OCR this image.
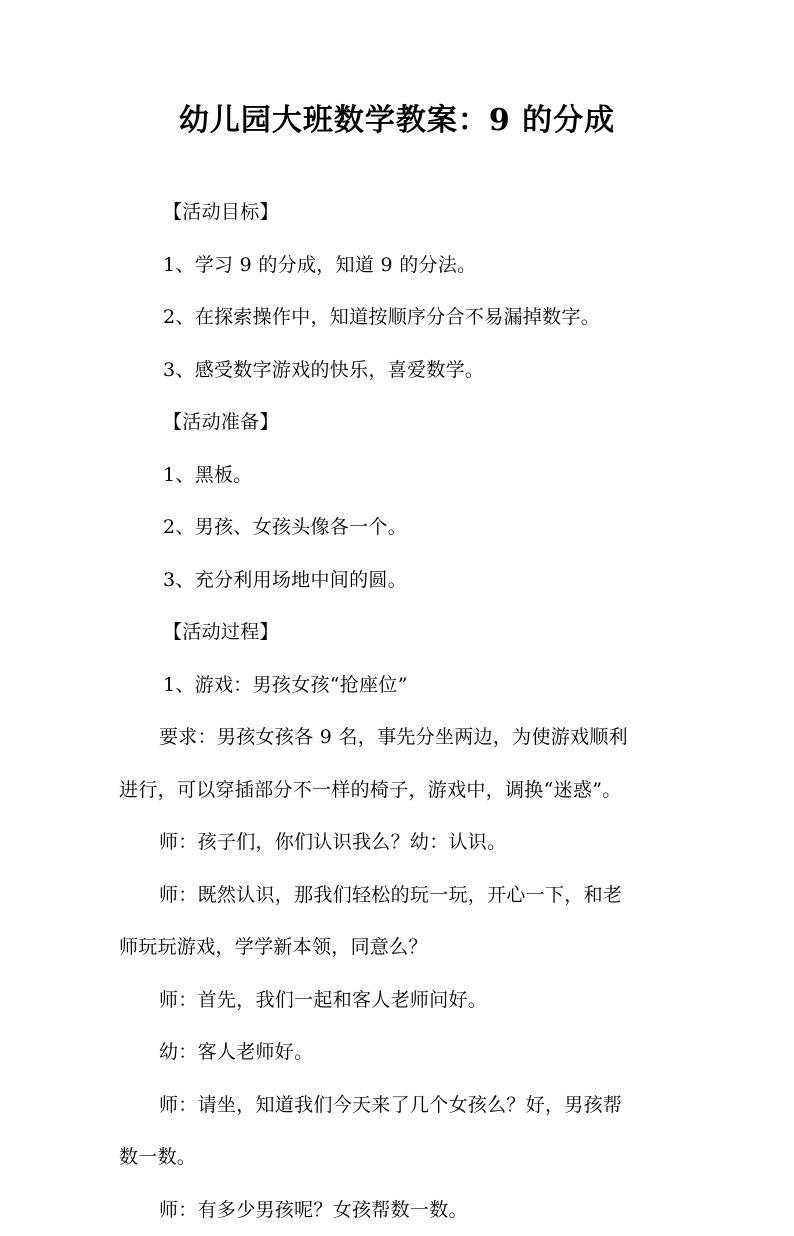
幼儿园大班数学教案：9 的分成
【活动目标】
1、学习 9 的分成，知道 9 的分法。
2、在探索操作中，知道按顺序分合不易漏掉数字。
3、感受数字游戏的快乐，喜爱数学。
【活动准备】
1、黑板。
2、男孩、女孩头像各一个。
3、充分利用场地中间的圆。
【活动过程】
1、游戏：男孩女孩“抢座位”
要求：男孩女孩各 9 名，事先分坐两边，为使游戏顺利
进行，可以穿插部分不一样的椅子，游戏中，调换“迷惑”。
师：孩子们，你们认识我么？幼：认识。
师：既然认识，那我们轻松的玩一玩，开心一下，和老
师玩玩游戏，学学新本领，同意么？
师：首先，我们一起和客人老师问好。
幼：客人老师好。
师：请坐，知道我们今天来了几个女孩么？好，男孩帮
数一数。
师：有多少男孩呢？女孩帮数一数。
